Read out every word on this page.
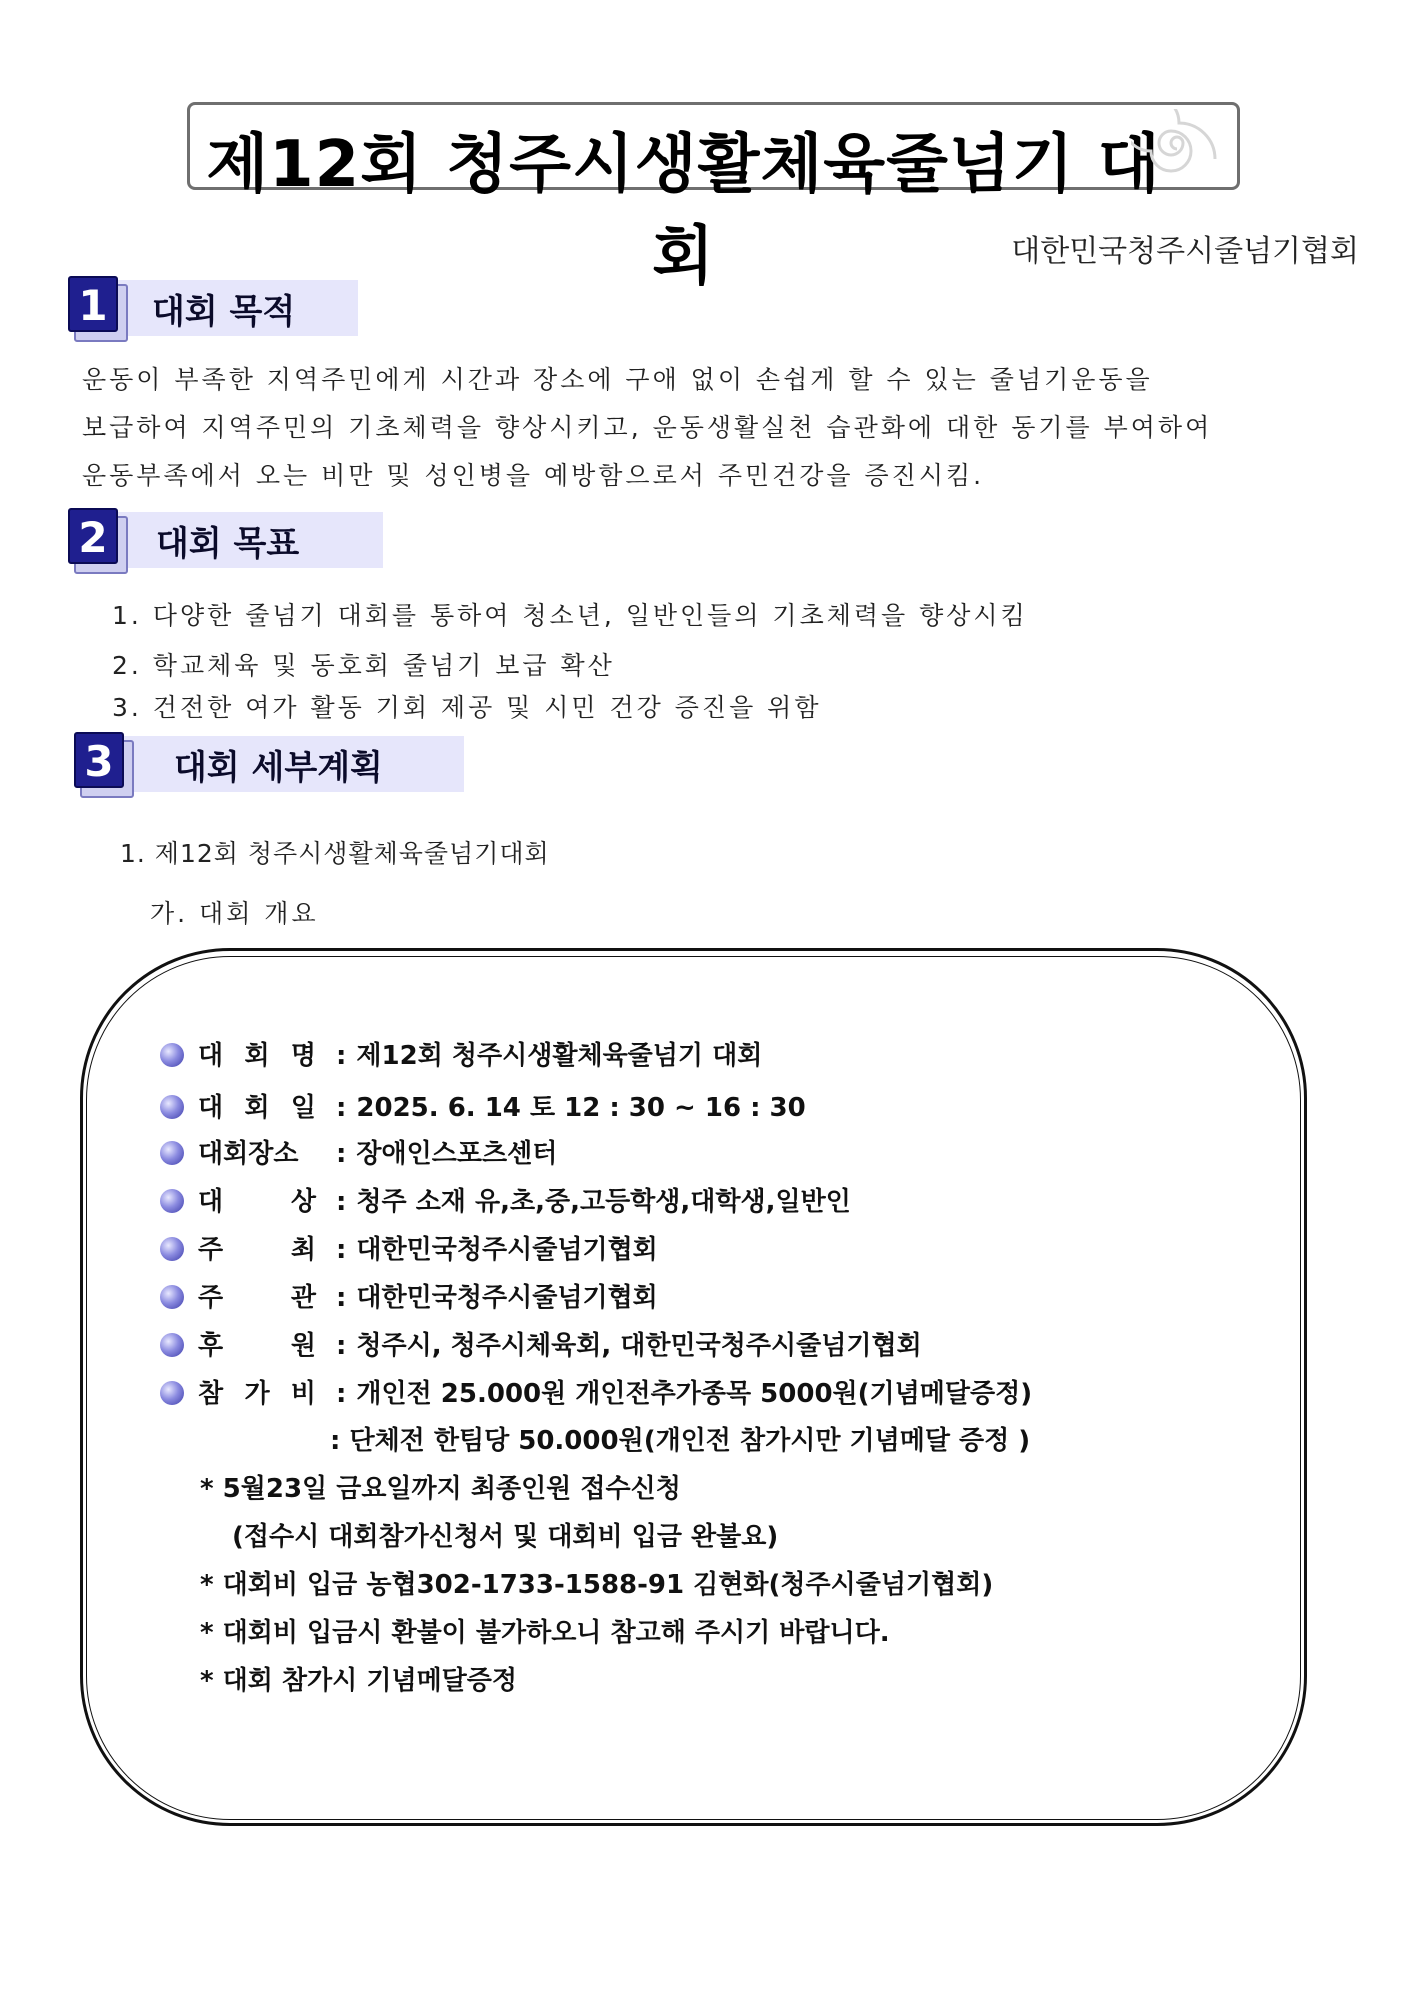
제12회 청주시생활체육줄넘기 대회	대한민국청주시줄넘기협회
1	대회 목적
운동이 부족한 지역주민에게 시간과 장소에 구애 없이 손쉽게 할 수 있는 줄넘기운동을
보급하여 지역주민의 기초체력을 향상시키고, 운동생활실천 습관화에 대한 동기를 부여하여
운동부족에서 오는 비만 및 성인병을 예방함으로서 주민건강을 증진시킴.
2	대회 목표
1. 다양한 줄넘기 대회를 통하여 청소년, 일반인들의 기초체력을 향상시킴
2. 학교체육 및 동호회 줄넘기 보급 확산
3. 건전한 여가 활동 기회 제공 및 시민 건강 증진을 위함
3	대회 세부계획
1. 제12회 청주시생활체육줄넘기대회
가. 대회 개요
대 회 명 : 제12회 청주시생활체육줄넘기 대회
대 회 일 : 2025. 6. 14 토 12 : 30 ~ 16 : 30
대회장소 : 장애인스포츠센터
대	상 : 청주 소재 유,초,중,고등학생,대학생,일반인
주	최 : 대한민국청주시줄넘기협회
주	관 : 대한민국청주시줄넘기협회
후	원 : 청주시, 청주시체육회, 대한민국청주시줄넘기협회
참 가 비 : 개인전 25.000원 개인전추가종목 5000원(기념메달증정)
: 단체전 한팀당 50.000원(개인전 참가시만 기념메달 증정 )
* 5월23일 금요일까지 최종인원 접수신청
(접수시 대회참가신청서 및 대회비 입금 완불요)
* 대회비 입금 농협302-1733-1588-91 김현화(청주시줄넘기협회)
* 대회비 입금시 환불이 불가하오니 참고해 주시기 바랍니다.
* 대회 참가시 기념메달증정
